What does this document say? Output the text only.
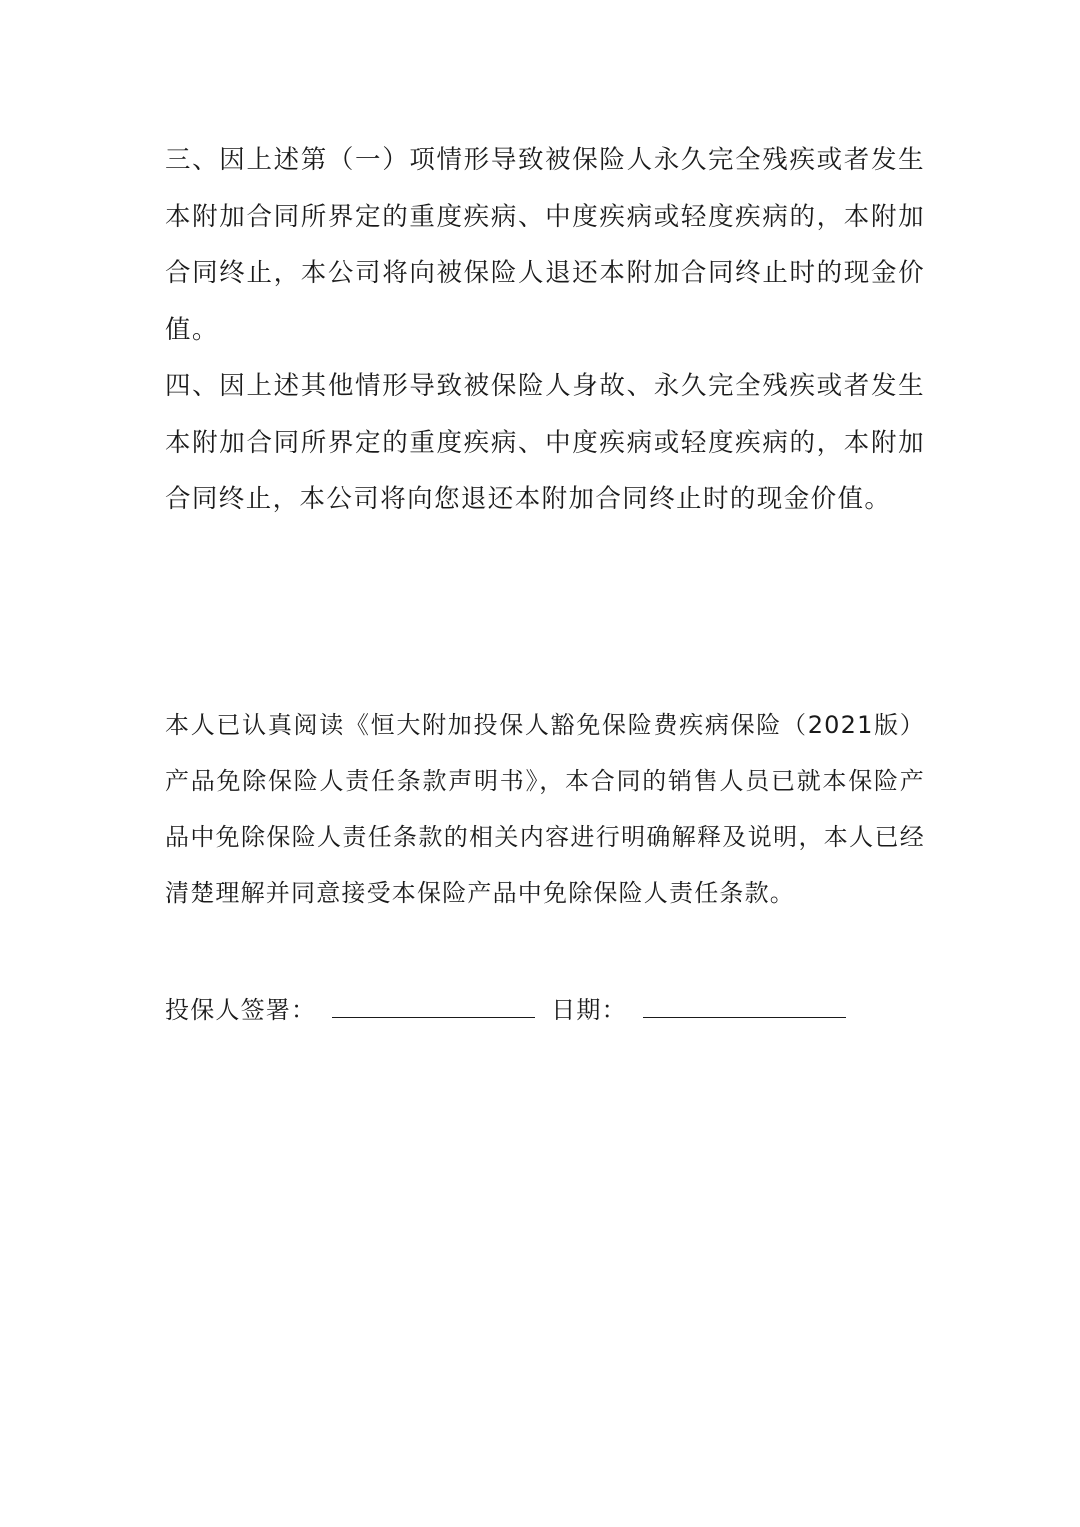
三、因上述第（一）项情形导致被保险人永久完全残疾或者发生本附加合同所界定的重度疾病、中度疾病或轻度疾病的，本附加合同终止，本公司将向被保险人退还本附加合同终止时的现金价值。

四、因上述其他情形导致被保险人身故、永久完全残疾或者发生本附加合同所界定的重度疾病、中度疾病或轻度疾病的，本附加合同终止，本公司将向您退还本附加合同终止时的现金价值。

本人已认真阅读《恒大附加投保人豁免保险费疾病保险（2021版）产品免除保险人责任条款声明书》，本合同的销售人员已就本保险产品中免除保险人责任条款的相关内容进行明确解释及说明，本人已经清楚理解并同意接受本保险产品中免除保险人责任条款。

投保人签署：	日期：
